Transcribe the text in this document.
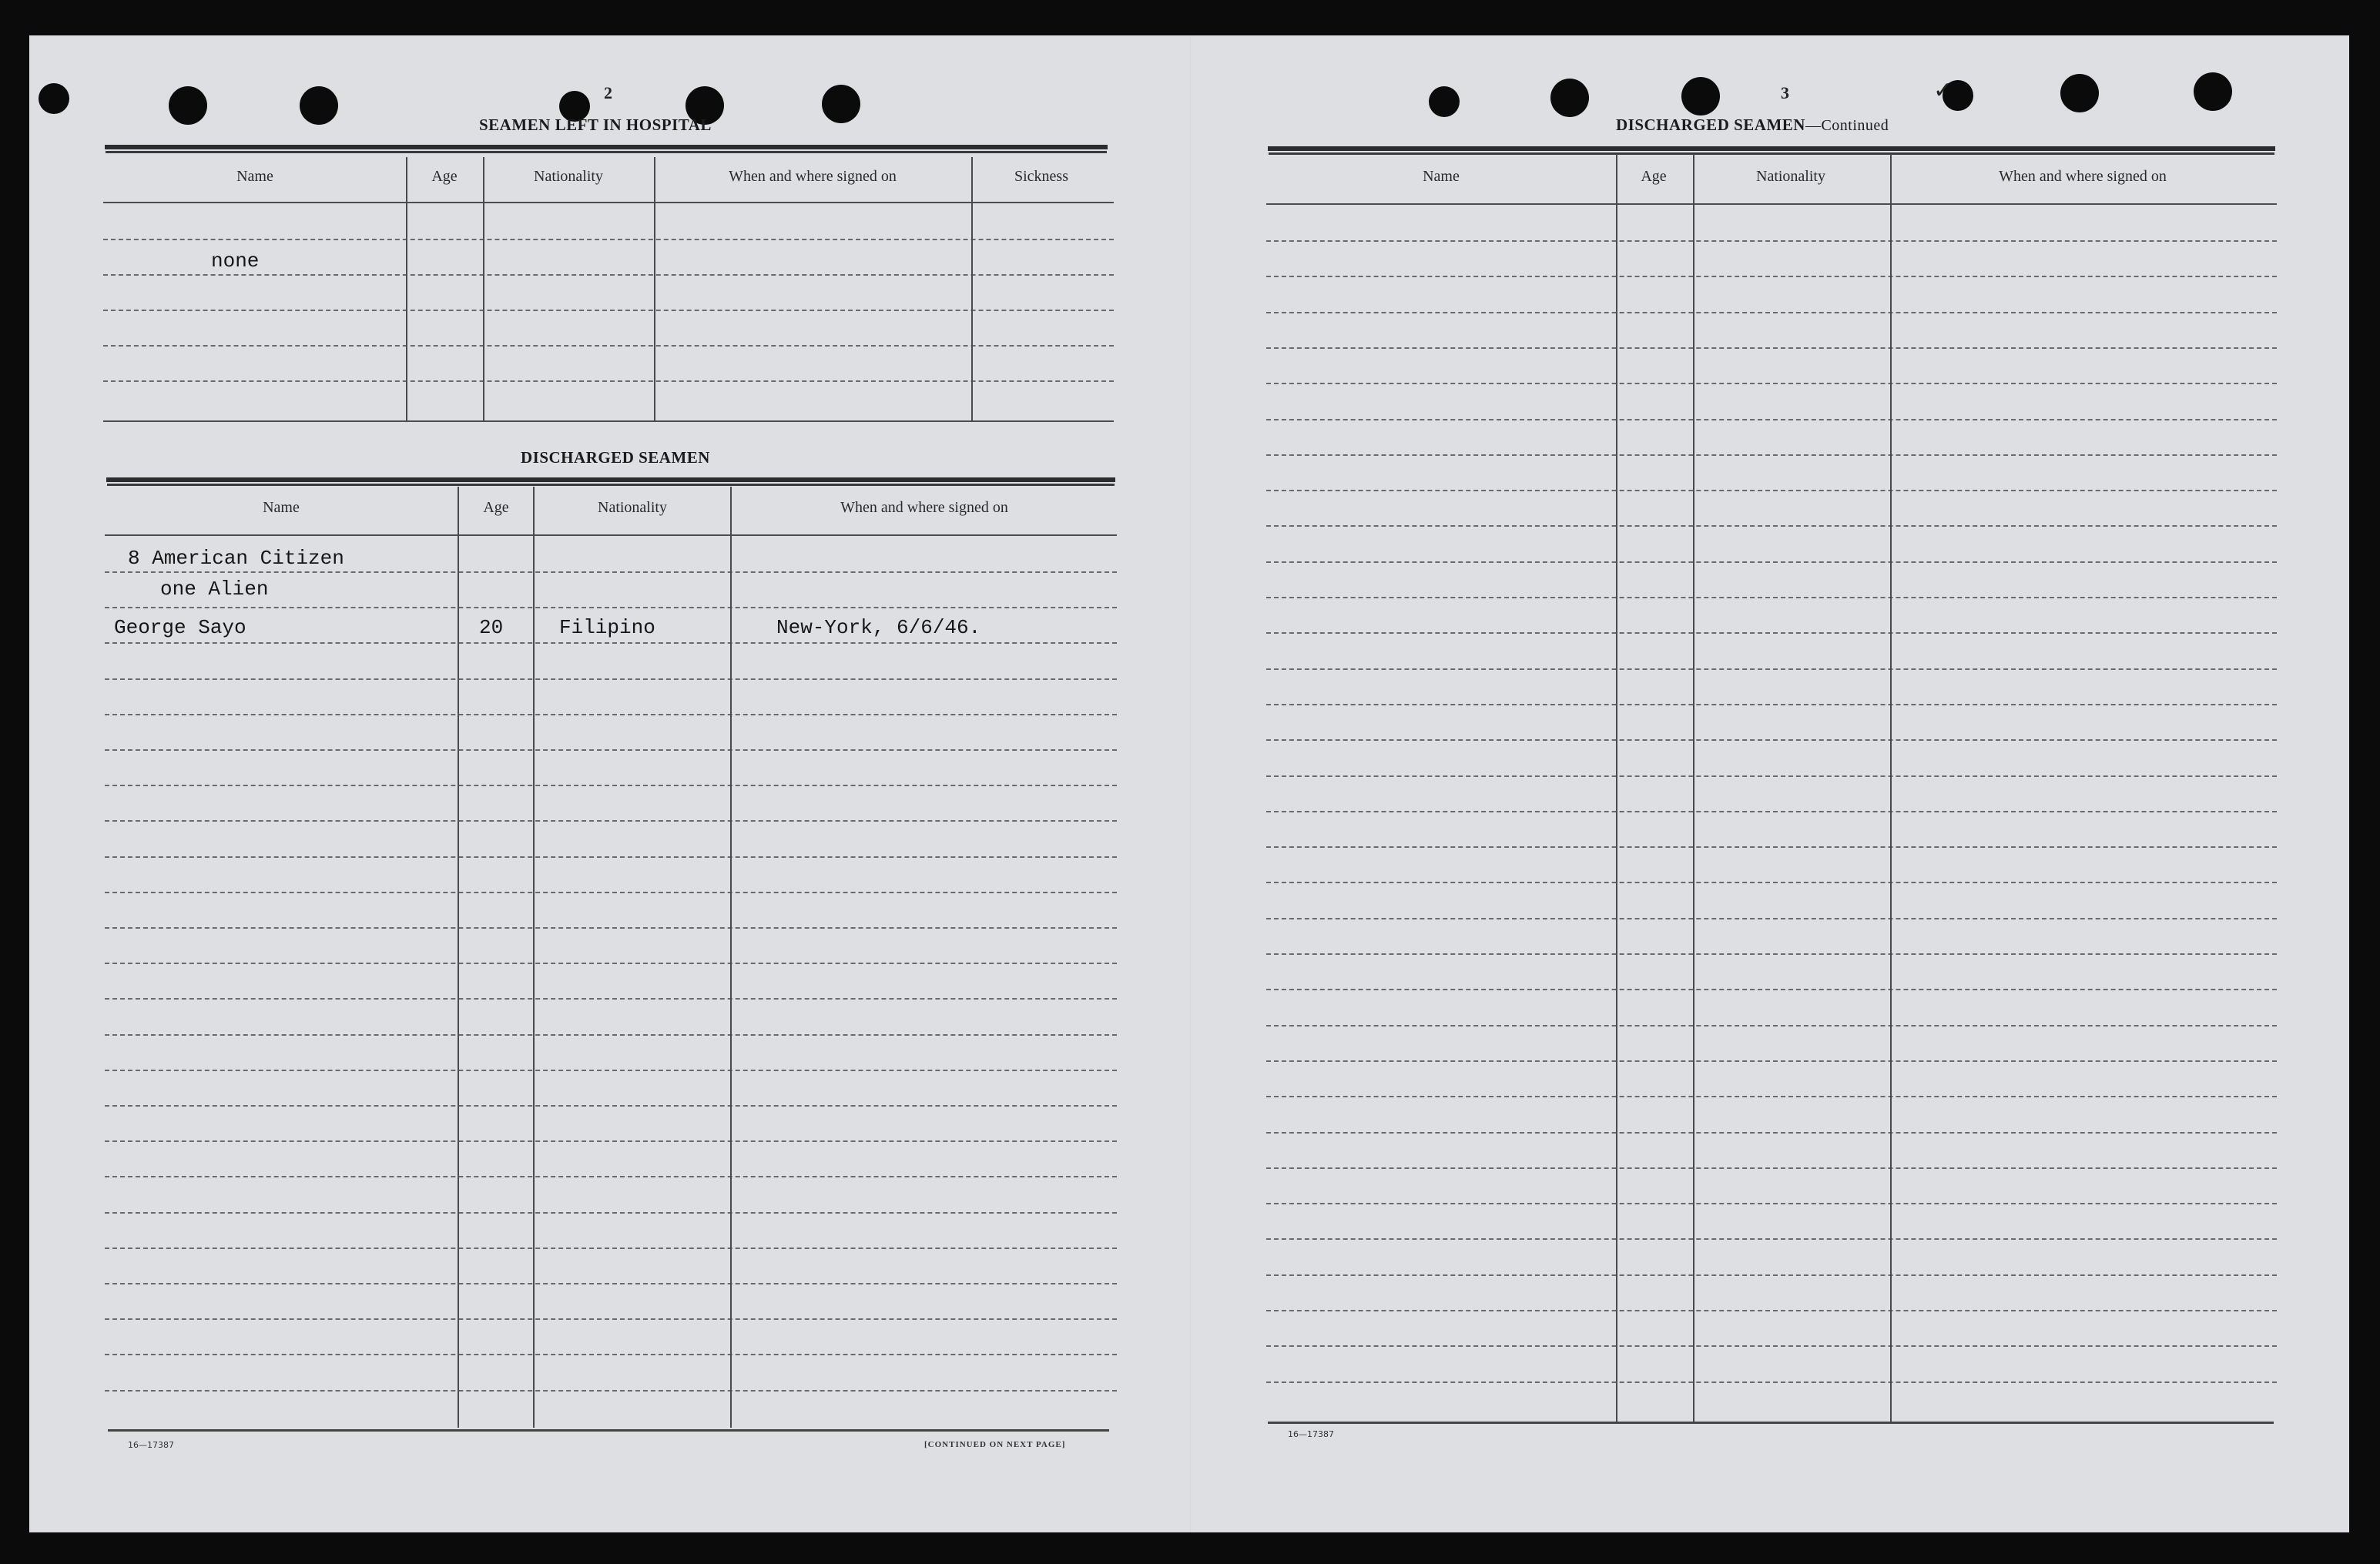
2
SEAMEN LEFT IN HOSPITAL
Name	Age	Nationality	When and where signed on	Sickness
none
DISCHARGED SEAMEN
Name	Age	Nationality	When and where signed on
8 American Citizen
one Alien
George Sayo	20	Filipino	New-York, 6/6/46.
16—17387	[CONTINUED ON NEXT PAGE]
3
DISCHARGED SEAMEN—Continued
Name	Age	Nationality	When and where signed on
✓
16—17387
